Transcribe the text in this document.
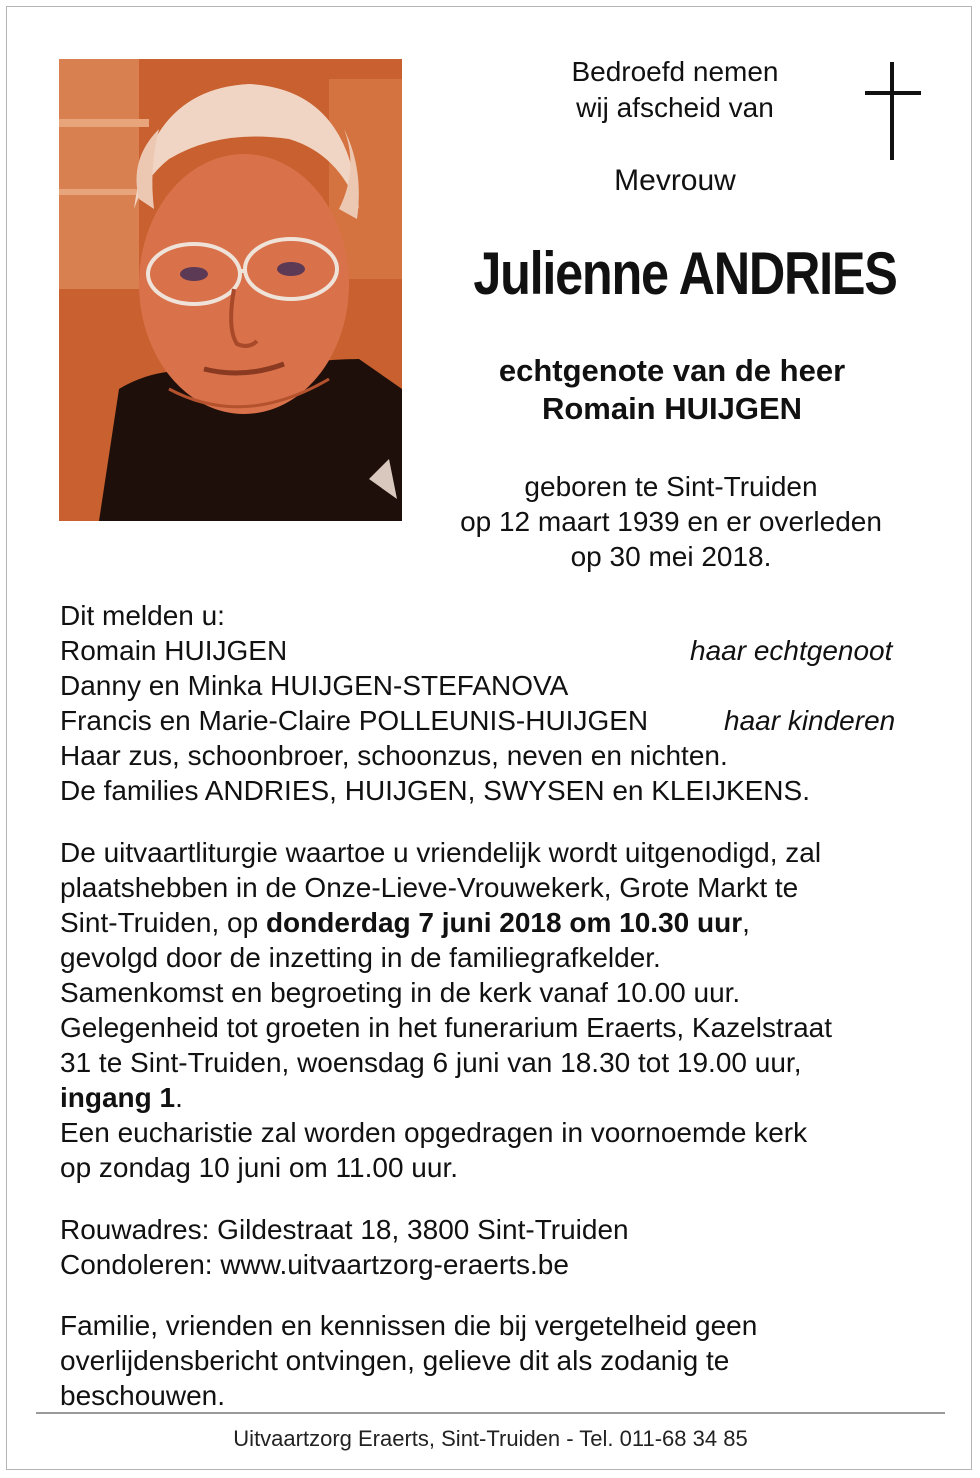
Bedroefd nemen
wij afscheid van
Mevrouw
Julienne ANDRIES
echtgenote van de heer
Romain HUIJGEN
geboren te Sint-Truiden
op 12 maart 1939 en er overleden
op 30 mei 2018.
Dit melden u:
Romain HUIJGEN	haar echtgenoot
Danny en Minka HUIJGEN-STEFANOVA
Francis en Marie-Claire POLLEUNIS-HUIJGEN	haar kinderen
Haar zus, schoonbroer, schoonzus, neven en nichten.
De families ANDRIES, HUIJGEN, SWYSEN en KLEIJKENS.
De uitvaartliturgie waartoe u vriendelijk wordt uitgenodigd, zal
plaatshebben in de Onze-Lieve-Vrouwekerk, Grote Markt te
Sint-Truiden, op donderdag 7 juni 2018 om 10.30 uur,
gevolgd door de inzetting in de familiegrafkelder.
Samenkomst en begroeting in de kerk vanaf 10.00 uur.
Gelegenheid tot groeten in het funerarium Eraerts, Kazelstraat
31 te Sint-Truiden, woensdag 6 juni van 18.30 tot 19.00 uur,
ingang 1.
Een eucharistie zal worden opgedragen in voornoemde kerk
op zondag 10 juni om 11.00 uur.
Rouwadres: Gildestraat 18, 3800 Sint-Truiden
Condoleren: www.uitvaartzorg-eraerts.be
Familie, vrienden en kennissen die bij vergetelheid geen
overlijdensbericht ontvingen, gelieve dit als zodanig te
beschouwen.
Uitvaartzorg Eraerts, Sint-Truiden - Tel. 011-68 34 85
